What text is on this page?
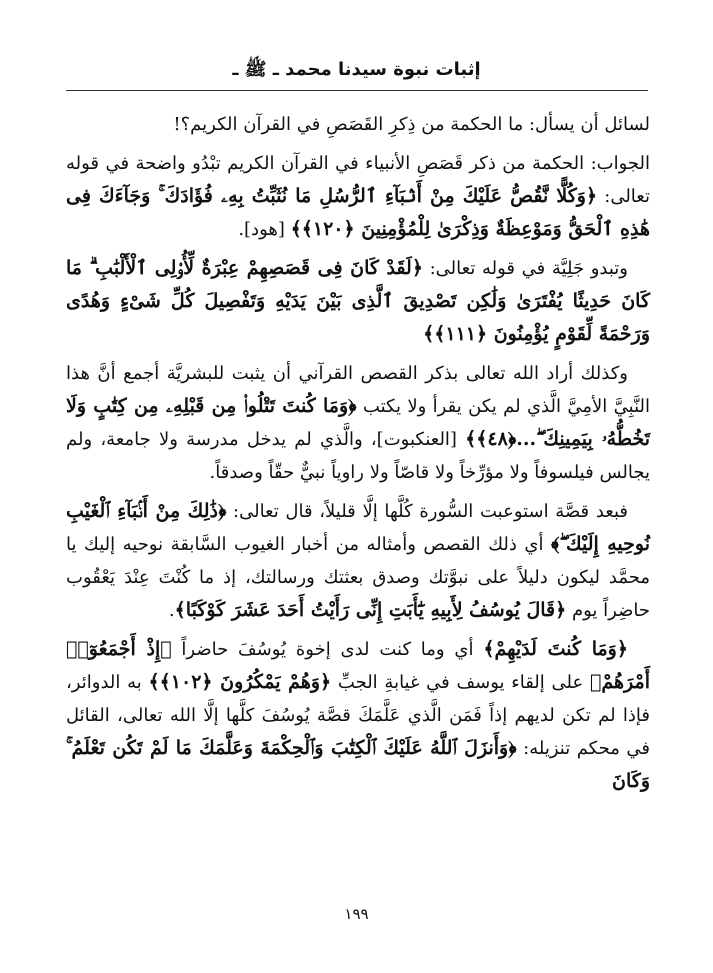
إثبات نبوة سيدنا محمد ـ ﷺ ـ

لسائل أن يسأل: ما الحكمة من ذِكرِ القَصَصِ في القرآن الكريم؟!

الجواب: الحكمة من ذكر قَصَصِ الأنبياء في القرآن الكريم تبْدُو واضحة في قوله تعالى: ﴿وَكُلًّا نَّقُصُّ عَلَيْكَ مِنْ أَنۢبَآءِ ٱلرُّسُلِ مَا نُثَبِّتُ بِهِۦ فُؤَادَكَ ۚ وَجَآءَكَ فِى هَٰذِهِ ٱلْحَقُّ وَمَوْعِظَةٌ وَذِكْرَىٰ لِلْمُؤْمِنِينَ ﴿١٢٠﴾﴾ [هود].

وتبدو جَلِيَّة في قوله تعالى: ﴿لَقَدْ كَانَ فِى قَصَصِهِمْ عِبْرَةٌ لِّأُو۟لِى ٱلْأَلْبَٰبِ ۗ مَا كَانَ حَدِيثًا يُفْتَرَىٰ وَلَٰكِن تَصْدِيقَ ٱلَّذِى بَيْنَ يَدَيْهِ وَتَفْصِيلَ كُلِّ شَىْءٍ وَهُدًى وَرَحْمَةً لِّقَوْمٍ يُؤْمِنُونَ ﴿١١١﴾﴾

وكذلك أراد الله تعالى بذكر القصص القرآني أن يثبت للبشريَّة أجمع أنَّ هذا النَّبِيَّ الأمِيَّ الَّذي لم يكن يقرأ ولا يكتب ﴿وَمَا كُنتَ تَتْلُوا۟ مِن قَبْلِهِۦ مِن كِتَٰبٍ وَلَا تَخُطُّهُۥ بِيَمِينِكَ ۖ...﴿٤٨﴾﴾ [العنكبوت]، والَّذي لم يدخل مدرسة ولا جامعة، ولم يجالس فيلسوفاً ولا مؤرِّخاً ولا قاصّاً ولا راوياً نبيٌّ حقّاً وصدقاً.

فبعد قصَّة استوعبت السُّورة كُلَّها إلَّا قليلاً، قال تعالى: ﴿ذَٰلِكَ مِنْ أَنۢبَآءِ ٱلْغَيْبِ نُوحِيهِ إِلَيْكَ ۖ﴾ أي ذلك القصص وأمثاله من أخبار الغيوب السَّابقة نوحيه إليك يا محمَّد ليكون دليلاً على نبوَّتك وصدق بعثتك ورسالتك، إذ ما كُنْتَ عِنْدَ يَعْقُوب حاضِراً يوم ﴿قَالَ يُوسُفُ لِأَبِيهِ يَٰٓأَبَتِ إِنِّى رَأَيْتُ أَحَدَ عَشَرَ كَوْكَبًا﴾.

﴿وَمَا كُنتَ لَدَيْهِمْ﴾ أي وما كنت لدى إخوة يُوسُفَ حاضراً ﴿إِذْ أَجْمَعُوٓا۟ أَمْرَهُمْ﴾ على إلقاء يوسف في غيابةِ الجبِّ ﴿وَهُمْ يَمْكُرُونَ ﴿١٠٢﴾﴾ به الدوائر، فإذا لم تكن لديهم إذاً فَمَن الَّذي عَلَّمَكَ قصَّة يُوسُفَ كلَّها إلَّا الله تعالى، القائل في محكم تنزيله: ﴿وَأَنزَلَ ٱللَّهُ عَلَيْكَ ٱلْكِتَٰبَ وَٱلْحِكْمَةَ وَعَلَّمَكَ مَا لَمْ تَكُن تَعْلَمُ ۚ وَكَانَ

١٩٩
